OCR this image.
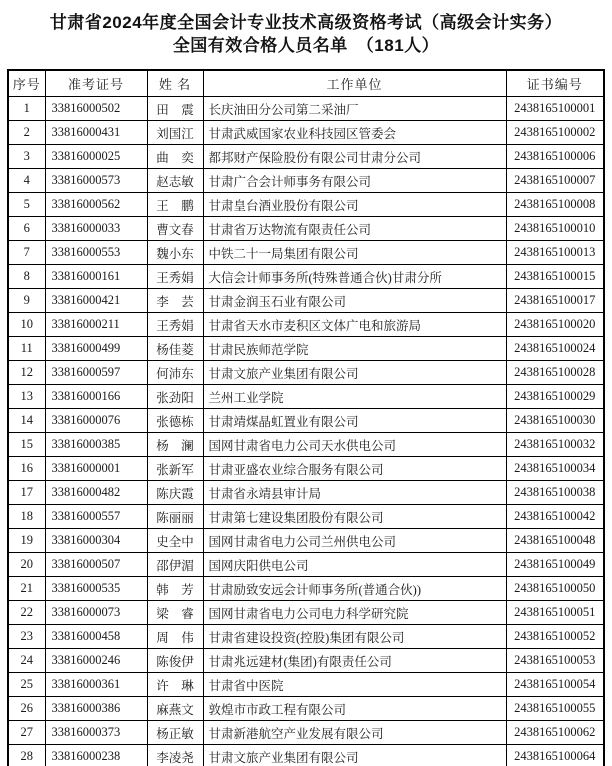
甘肃省2024年度全国会计专业技术高级资格考试（高级会计实务）
全国有效合格人员名单　（181人）
序号	准考证号	姓 名	工作单位	证书编号
1	33816000502	田　震	长庆油田分公司第二采油厂	2438165100001
2	33816000431	刘国江	甘肃武威国家农业科技园区管委会	2438165100002
3	33816000025	曲　奕	都邦财产保险股份有限公司甘肃分公司	2438165100006
4	33816000573	赵志敏	甘肃广合会计师事务有限公司	2438165100007
5	33816000562	王　鹏	甘肃皇台酒业股份有限公司	2438165100008
6	33816000033	曹文春	甘肃省万达物流有限责任公司	2438165100010
7	33816000553	魏小东	中铁二十一局集团有限公司	2438165100013
8	33816000161	王秀娟	大信会计师事务所(特殊普通合伙)甘肃分所	2438165100015
9	33816000421	李　芸	甘肃金润玉石业有限公司	2438165100017
10	33816000211	王秀娟	甘肃省天水市麦积区文体广电和旅游局	2438165100020
11	33816000499	杨佳菱	甘肃民族师范学院	2438165100024
12	33816000597	何沛东	甘肃文旅产业集团有限公司	2438165100028
13	33816000166	张劲阳	兰州工业学院	2438165100029
14	33816000076	张德栋	甘肃靖煤晶虹置业有限公司	2438165100030
15	33816000385	杨　澜	国网甘肃省电力公司天水供电公司	2438165100032
16	33816000001	张新军	甘肃亚盛农业综合服务有限公司	2438165100034
17	33816000482	陈庆霞	甘肃省永靖县审计局	2438165100038
18	33816000557	陈丽丽	甘肃第七建设集团股份有限公司	2438165100042
19	33816000304	史全中	国网甘肃省电力公司兰州供电公司	2438165100048
20	33816000507	邵伊湄	国网庆阳供电公司	2438165100049
21	33816000535	韩　芳	甘肃励致安远会计师事务所(普通合伙))	2438165100050
22	33816000073	梁　睿	国网甘肃省电力公司电力科学研究院	2438165100051
23	33816000458	周　伟	甘肃省建设投资(控股)集团有限公司	2438165100052
24	33816000246	陈俊伊	甘肃兆远建材(集团)有限责任公司	2438165100053
25	33816000361	许　琳	甘肃省中医院	2438165100054
26	33816000386	麻燕文	敦煌市市政工程有限公司	2438165100055
27	33816000373	杨正敏	甘肃新港航空产业发展有限公司	2438165100062
28	33816000238	李凌尧	甘肃文旅产业集团有限公司	2438165100064
